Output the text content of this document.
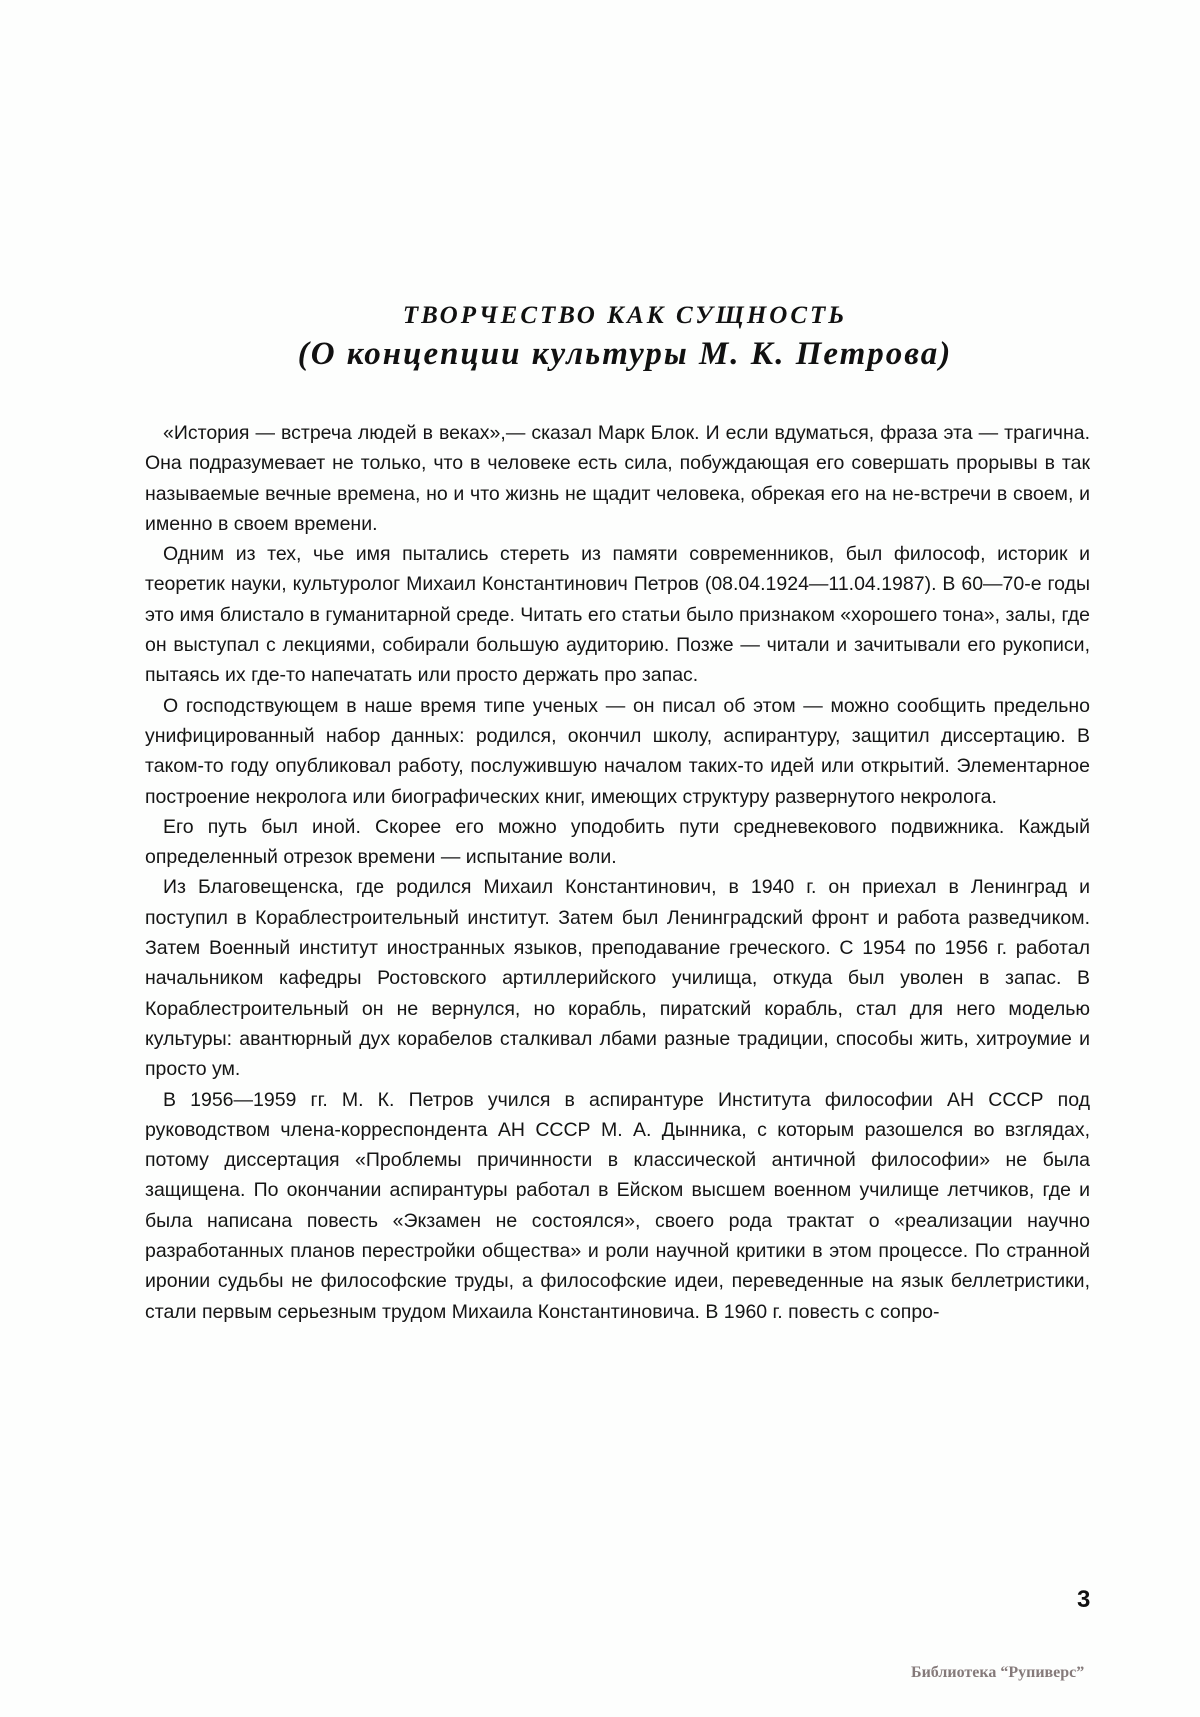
ТВОРЧЕСТВО КАК СУЩНОСТЬ
(О концепции культуры М. К. Петрова)

«История — встреча людей в веках»,— сказал Марк Блок. И если вдуматься, фраза эта — трагична. Она подразумевает не только, что в человеке есть сила, побуждающая его совершать прорывы в так называемые вечные времена, но и что жизнь не щадит человека, обрекая его на не-встречи в своем, и именно в своем времени.

Одним из тех, чье имя пытались стереть из памяти современников, был философ, историк и теоретик науки, культуролог Михаил Константинович Петров (08.04.1924—11.04.1987). В 60—70-е годы это имя блистало в гуманитарной среде. Читать его статьи было признаком «хорошего тона», залы, где он выступал с лекциями, собирали большую аудиторию. Позже — читали и зачитывали его рукописи, пытаясь их где-то напечатать или просто держать про запас.

О господствующем в наше время типе ученых — он писал об этом — можно сообщить предельно унифицированный набор данных: родился, окончил школу, аспирантуру, защитил диссертацию. В таком-то году опубликовал работу, послужившую началом таких-то идей или открытий. Элементарное построение некролога или биографических книг, имеющих структуру развернутого некролога.

Его путь был иной. Скорее его можно уподобить пути средневекового подвижника. Каждый определенный отрезок времени — испытание воли.

Из Благовещенска, где родился Михаил Константинович, в 1940 г. он приехал в Ленинград и поступил в Кораблестроительный институт. Затем был Ленинградский фронт и работа разведчиком. Затем Военный институт иностранных языков, преподавание греческого. С 1954 по 1956 г. работал начальником кафедры Ростовского артиллерийского училища, откуда был уволен в запас. В Кораблестроительный он не вернулся, но корабль, пиратский корабль, стал для него моделью культуры: авантюрный дух корабелов сталкивал лбами разные традиции, способы жить, хитроумие и просто ум.

В 1956—1959 гг. М. К. Петров учился в аспирантуре Института философии АН СССР под руководством члена-корреспондента АН СССР М. А. Дынника, с которым разошелся во взглядах, потому диссертация «Проблемы причинности в классической античной философии» не была защищена. По окончании аспирантуры работал в Ейском высшем военном училище летчиков, где и была написана повесть «Экзамен не состоялся», своего рода трактат о «реализации научно разработанных планов перестройки общества» и роли научной критики в этом процессе. По странной иронии судьбы не философские труды, а философские идеи, переведенные на язык беллетристики, стали первым серьезным трудом Михаила Константиновича. В 1960 г. повесть с сопро-

3
Библиотека “Рупиверс”
